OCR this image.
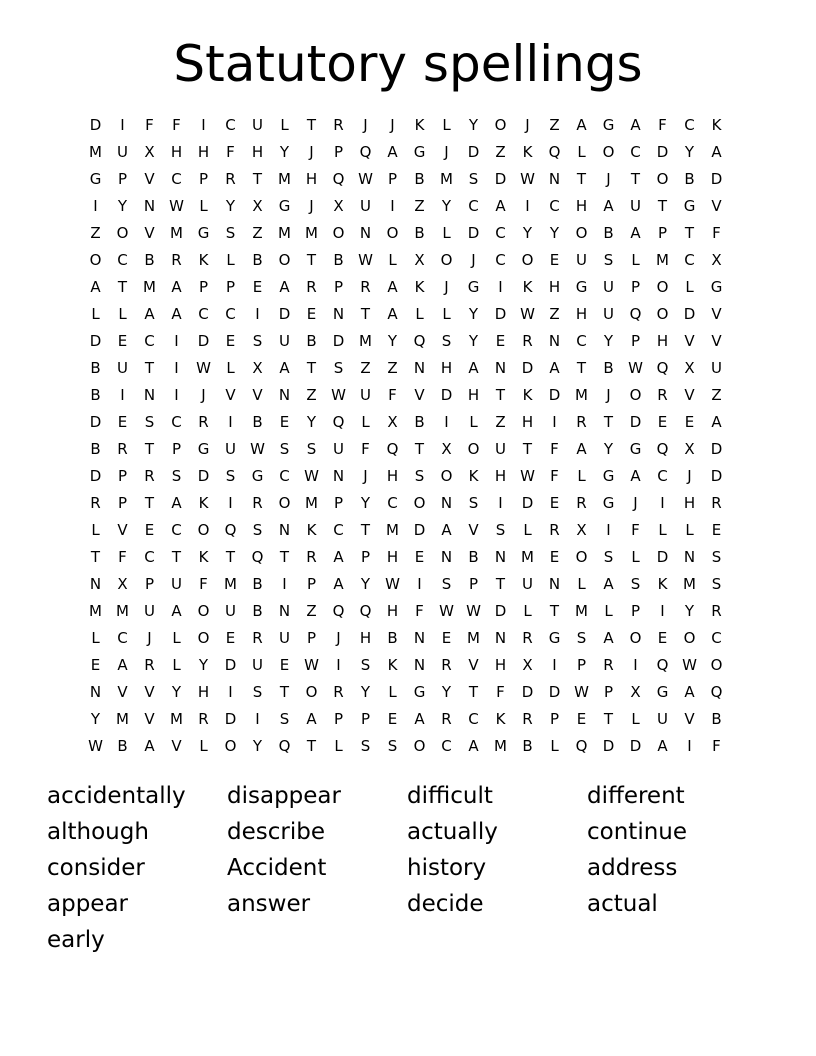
Statutory spellings
D	I	F	F	I	C	U	L	T	R	J	J	K	L	Y	O	J	Z	A	G	A	F	C	K
M	U	X	H	H	F	H	Y	J	P	Q	A	G	J	D	Z	K	Q	L	O	C	D	Y	A
G	P	V	C	P	R	T	M H	Q W	P	B	M	S	D W N	T	J	T	O	B	D
I	Y	N W	L	Y	X	G	J	X	U	I	Z	Y	C	A	I	C	H	A	U	T	G	V
Z	O	V	M G	S	Z	M M O	N	O	B	L	D	C	Y	Y	O	B	A	P	T	F
O	C	B	R	K	L	B	O	T	B W	L	X	O	J	C	O	E	U	S	L	M	C	X
A	T	M	A	P	P	E	A	R	P	R	A	K	J	G	I	K	H	G	U	P	O	L	G
L	L	A	A	C	C	I	D	E	N	T	A	L	L	Y	D W Z	H	U	Q	O	D	V
D	E	C	I	D	E	S	U	B	D M	Y	Q	S	Y	E	R	N	C	Y	P	H	V	V
B	U	T	I	W	L	X	A	T	S	Z	Z	N	H	A	N	D	A	T	B W Q	X	U
B	I	N	I	J	V	V	N	Z W U	F	V	D	H	T	K	D M	J	O	R	V	Z
D	E	S	C	R	I	B	E	Y	Q	L	X	B	I	L	Z	H	I	R	T	D	E	E	A
B	R	T	P	G	U W S	S	U	F	Q	T	X	O	U	T	F	A	Y	G	Q	X	D
D	P	R	S	D	S	G	C W N	J	H	S	O	K	H W	F	L	G	A	C	J	D
R	P	T	A	K	I	R	O M	P	Y	C	O	N	S	I	D	E	R	G	J	I	H	R
L	V	E	C	O	Q	S	N	K	C	T	M D	A	V	S	L	R	X	I	F	L	L	E
T	F	C	T	K	T	Q	T	R	A	P	H	E	N	B	N M	E	O	S	L	D	N	S
N	X	P	U	F	M	B	I	P	A	Y	W	I	S	P	T	U	N	L	A	S	K	M	S
M M	U	A	O	U	B	N	Z	Q	Q	H	F	W W D	L	T	M	L	P	I	Y	R
L	C	J	L	O	E	R	U	P	J	H	B	N	E	M N	R	G	S	A	O	E	O	C
E	A	R	L	Y	D	U	E W	I	S	K	N	R	V	H	X	I	P	R	I	Q W O
N	V	V	Y	H	I	S	T	O	R	Y	L	G	Y	T	F	D	D W	P	X	G	A	Q
Y	M	V	M	R	D	I	S	A	P	P	E	A	R	C	K	R	P	E	T	L	U	V	B
W B	A	V	L	O	Y	Q	T	L	S	S	O	C	A	M	B	L	Q	D	D	A	I	F
accidentally	disappear	difficult	different
although	describe	actually	continue
consider	Accident	history	address
appear	answer	decide	actual
early
